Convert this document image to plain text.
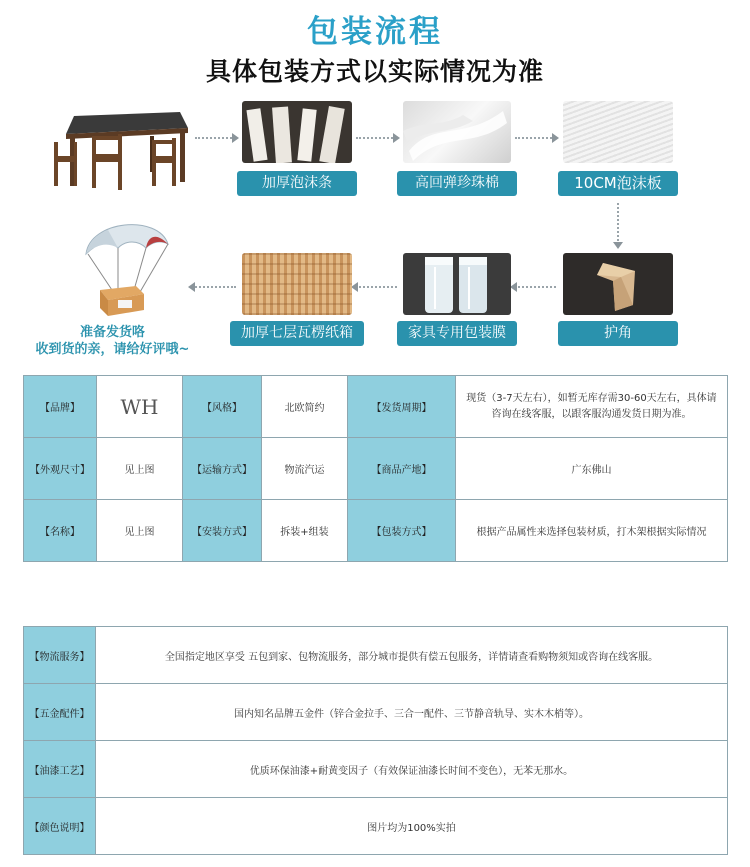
包装流程
具体包装方式以实际情况为准
加厚泡沫条	高回弹珍珠棉	10CM泡沫板
护角
家具专用包装膜
加厚七层瓦楞纸箱
准备发货咯
收到货的亲，请给好评哦~
【品牌】	WH	【风格】	北欧简约	【发货周期】	现货（3-7天左右），如暂无库存需30-60天左右，具体请咨询在线客服，以跟客服沟通发货日期为准。
【外观尺寸】	见上图	【运输方式】	物流汽运	【商品产地】	广东佛山
【名称】	见上图	【安装方式】	拆装+组装	【包装方式】	根据产品属性来选择包装材质，打木架根据实际情况
【物流服务】	全国指定地区享受 五包到家、包物流服务，部分城市提供有偿五包服务，详情请查看购物须知或咨询在线客服。
【五金配件】	国内知名品牌五金件（锌合金拉手、三合一配件、三节静音轨导、实木木梢等）。
【油漆工艺】	优质环保油漆+耐黄变因子（有效保证油漆长时间不变色），无苯无那水。
【颜色说明】	图片均为100%实拍
